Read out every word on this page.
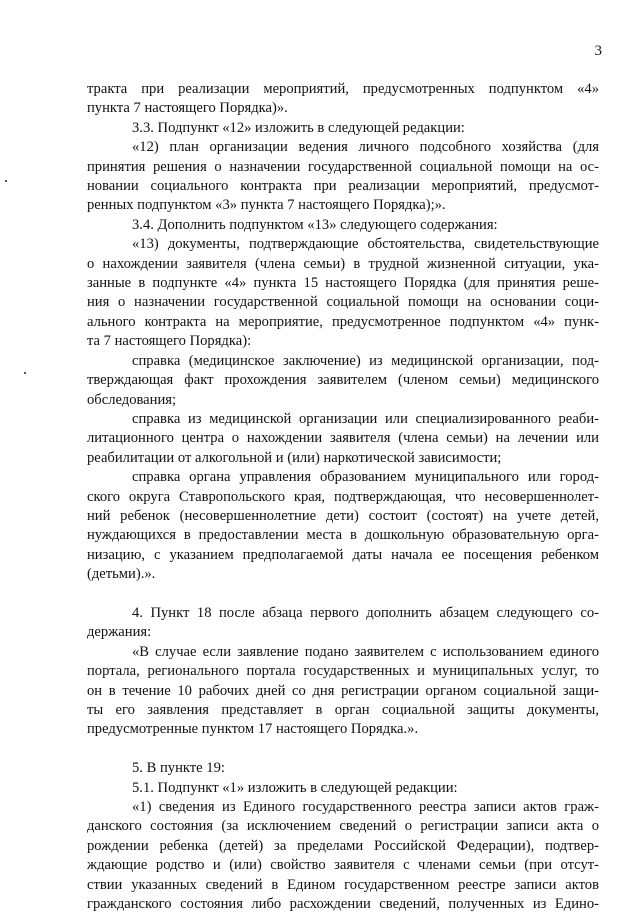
3
тракта при реализации мероприятий, предусмотренных подпунктом «4»
пункта 7 настоящего Порядка)».
3.3. Подпункт «12» изложить в следующей редакции:
«12) план организации ведения личного подсобного хозяйства (для
принятия решения о назначении государственной социальной помощи на ос-
новании социального контракта при реализации мероприятий, предусмот-
ренных подпунктом «3» пункта 7 настоящего Порядка);».
3.4. Дополнить подпунктом «13» следующего содержания:
«13) документы, подтверждающие обстоятельства, свидетельствующие
о нахождении заявителя (члена семьи) в трудной жизненной ситуации, ука-
занные в подпункте «4» пункта 15 настоящего Порядка (для принятия реше-
ния о назначении государственной социальной помощи на основании соци-
ального контракта на мероприятие, предусмотренное подпунктом «4» пунк-
та 7 настоящего Порядка):
справка (медицинское заключение) из медицинской организации, под-
тверждающая факт прохождения заявителем (членом семьи) медицинского
обследования;
справка из медицинской организации или специализированного реаби-
литационного центра о нахождении заявителя (члена семьи) на лечении или
реабилитации от алкогольной и (или) наркотической зависимости;
справка органа управления образованием муниципального или город-
ского округа Ставропольского края, подтверждающая, что несовершеннолет-
ний ребенок (несовершеннолетние дети) состоит (состоят) на учете детей,
нуждающихся в предоставлении места в дошкольную образовательную орга-
низацию, с указанием предполагаемой даты начала ее посещения ребенком
(детьми).».
4. Пункт 18 после абзаца первого дополнить абзацем следующего со-
держания:
«В случае если заявление подано заявителем с использованием единого
портала, регионального портала государственных и муниципальных услуг, то
он в течение 10 рабочих дней со дня регистрации органом социальной защи-
ты его заявления представляет в орган социальной защиты документы,
предусмотренные пунктом 17 настоящего Порядка.».
5. В пункте 19:
5.1. Подпункт «1» изложить в следующей редакции:
«1) сведения из Единого государственного реестра записи актов граж-
данского состояния (за исключением сведений о регистрации записи акта о
рождении ребенка (детей) за пределами Российской Федерации), подтвер-
ждающие родство и (или) свойство заявителя с членами семьи (при отсут-
ствии указанных сведений в Едином государственном реестре записи актов
гражданского состояния либо расхождении сведений, полученных из Едино-
